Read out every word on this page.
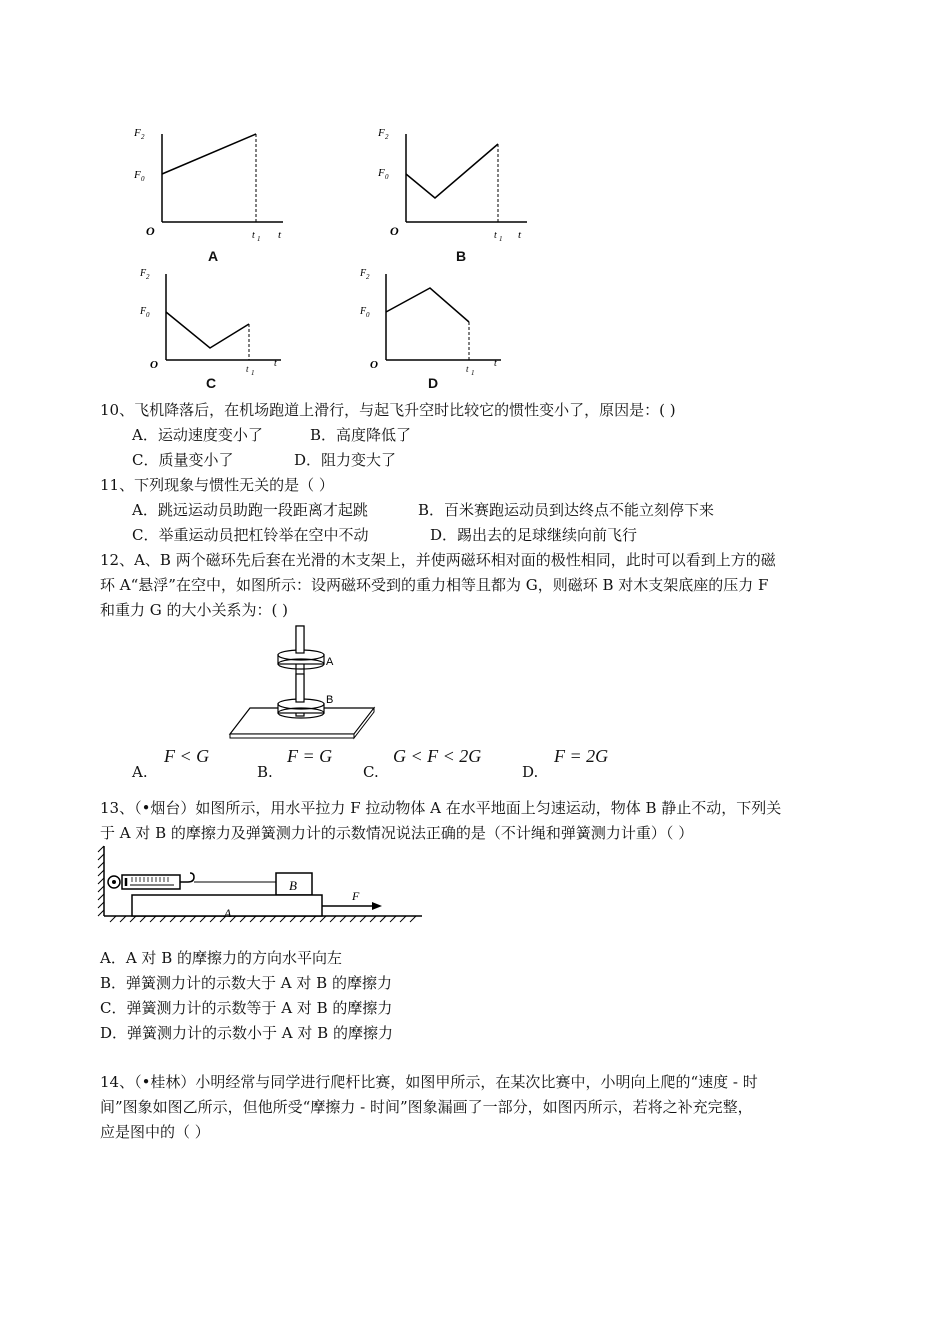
F 2
F 0
O	t 1 t
A
F 2
F 0
O	t 1 t
B
F 2
F 0
O	t 1
t
C
F 2
F 0
O	t 1
t
D
10、飞机降落后，在机场跑道上滑行，与起飞升空时比较它的惯性变小了，原因是：( )
A．运动速度变小了	B．高度降低了
C．质量变小了	D．阻力变大了
11、下列现象与惯性无关的是（ ）
A．跳远运动员助跑一段距离才起跳	B．百米赛跑运动员到达终点不能立刻停下来
C．举重运动员把杠铃举在空中不动	D．踢出去的足球继续向前飞行
12、A、B 两个磁环先后套在光滑的木支架上，并使两磁环相对面的极性相同，此时可以看到上方的磁
环 A“悬浮”在空中，如图所示：设两磁环受到的重力相等且都为 G，则磁环 B 对木支架底座的压力 F
和重力 G 的大小关系为：( )
A
B
A.
F < G
B.
F = G
C.
G < F < 2G
D.
F = 2G
13、（•烟台）如图所示，用水平拉力 F 拉动物体 A 在水平地面上匀速运动，物体 B 静止不动，下列关
于 A 对 B 的摩擦力及弹簧测力计的示数情况说法正确的是（不计绳和弹簧测力计重）（ ）
B
A
F
A．A 对 B 的摩擦力的方向水平向左
B．弹簧测力计的示数大于 A 对 B 的摩擦力
C．弹簧测力计的示数等于 A 对 B 的摩擦力
D．弹簧测力计的示数小于 A 对 B 的摩擦力
14、（•桂林）小明经常与同学进行爬杆比赛，如图甲所示，在某次比赛中，小明向上爬的“速度 - 时
间”图象如图乙所示，但他所受“摩擦力 - 时间”图象漏画了一部分，如图丙所示，若将之补充完整，
应是图中的（ ）
